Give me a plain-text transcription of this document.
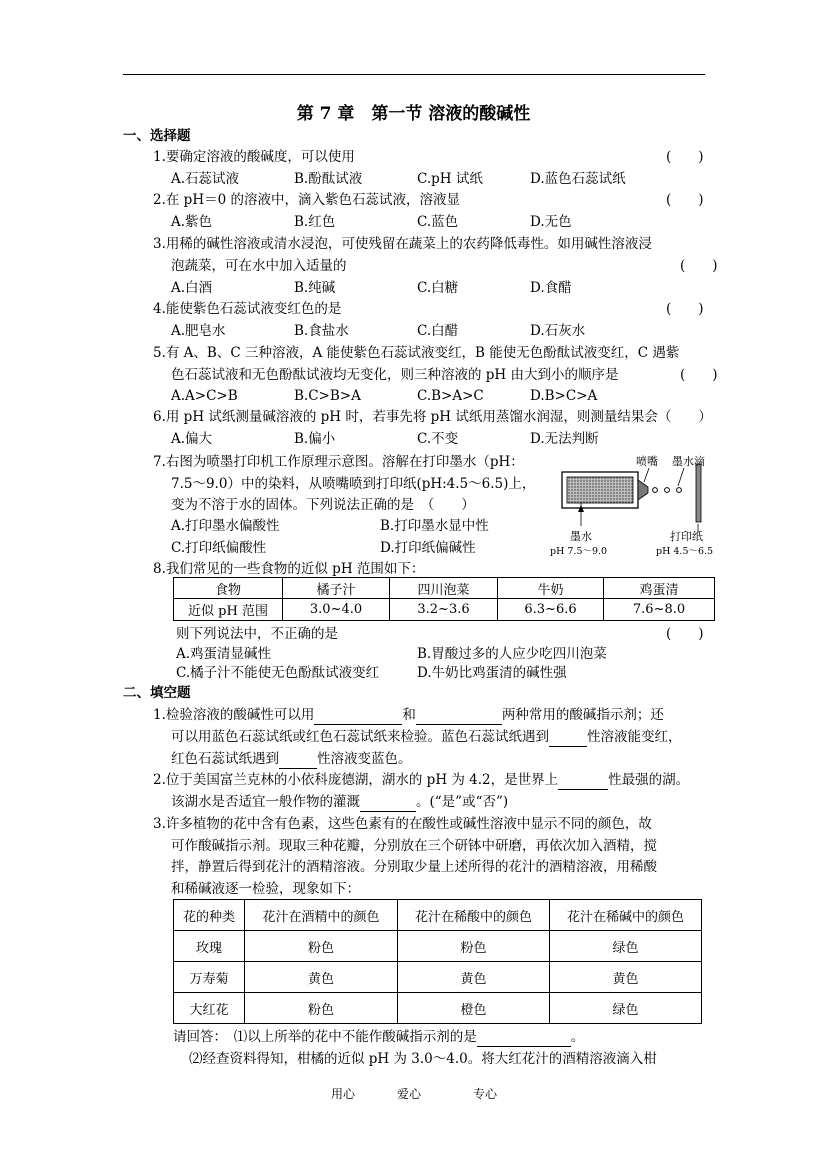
第 7 章　第一节 溶液的酸碱性
一、选择题
1.要确定溶液的酸碱度，可以使用	(　　)
A.石蕊试液	B.酚酞试液	C.pH 试纸	D.蓝色石蕊试纸
2.在 pH＝0 的溶液中，滴入紫色石蕊试液，溶液显	(　　)
A.紫色	B.红色	C.蓝色	D.无色
3.用稀的碱性溶液或清水浸泡，可使残留在蔬菜上的农药降低毒性。如用碱性溶液浸
泡蔬菜，可在水中加入适量的	(　　)
A.白酒	B.纯碱	C.白糖	D.食醋
4.能使紫色石蕊试液变红色的是	(　　)
A.肥皂水	B.食盐水	C.白醋	D.石灰水
5.有 A、B、C 三种溶液，A 能使紫色石蕊试液变红，B 能使无色酚酞试液变红，C 遇紫
色石蕊试液和无色酚酞试液均无变化，则三种溶液的 pH 由大到小的顺序是	(　　)
A.A>C>B	B.C>B>A	C.B>A>C	D.B>C>A
6.用 pH 试纸测量碱溶液的 pH 时，若事先将 pH 试纸用蒸馏水润湿，则测量结果会（　　）
A.偏大	B.偏小	C.不变	D.无法判断
7.右图为喷墨打印机工作原理示意图。溶解在打印墨水（pH：
7.5～9.0）中的染料，从喷嘴喷到打印纸(pH:4.5～6.5)上，
变为不溶于水的固体。下列说法正确的是　（　　）
A.打印墨水偏酸性	B.打印墨水显中性
C.打印纸偏酸性	D.打印纸偏碱性
喷嘴 墨水滴
墨水
pH 7.5～9.0
打印纸
pH 4.5～6.5
8.我们常见的一些食物的近似 pH 范围如下：
食物	橘子汁	四川泡菜	牛奶	鸡蛋清
近似 pH 范围	3.0~4.0	3.2~3.6	6.3~6.6	7.6~8.0
则下列说法中，不正确的是	(　　)
A.鸡蛋清显碱性	B.胃酸过多的人应少吃四川泡菜
C.橘子汁不能使无色酚酞试液变红	D.牛奶比鸡蛋清的碱性强
二、填空题
1.检验溶液的酸碱性可以用	和	两种常用的酸碱指示剂；还
可以用蓝色石蕊试纸或红色石蕊试纸来检验。蓝色石蕊试纸遇到	性溶液能变红，
红色石蕊试纸遇到	性溶液变蓝色。
2.位于美国富兰克林的小依科庞德湖，湖水的 pH 为 4.2，是世界上	性最强的湖。
该湖水是否适宜一般作物的灌溉	。(“是”或“否”)
3.许多植物的花中含有色素，这些色素有的在酸性或碱性溶液中显示不同的颜色，故
可作酸碱指示剂。现取三种花瓣，分别放在三个研钵中研磨，再依次加入酒精，搅
拌，静置后得到花汁的酒精溶液。分别取少量上述所得的花汁的酒精溶液，用稀酸
和稀碱液逐一检验，现象如下：
花的种类	花汁在酒精中的颜色	花汁在稀酸中的颜色	花汁在稀碱中的颜色
玫瑰	粉色	粉色	绿色
万寿菊	黄色	黄色	黄色
大红花	粉色	橙色	绿色
请回答：　⑴以上所举的花中不能作酸碱指示剂的是	。
⑵经查资料得知，柑橘的近似 pH 为 3.0～4.0。将大红花汁的酒精溶液滴入柑
用心	爱心	专心
